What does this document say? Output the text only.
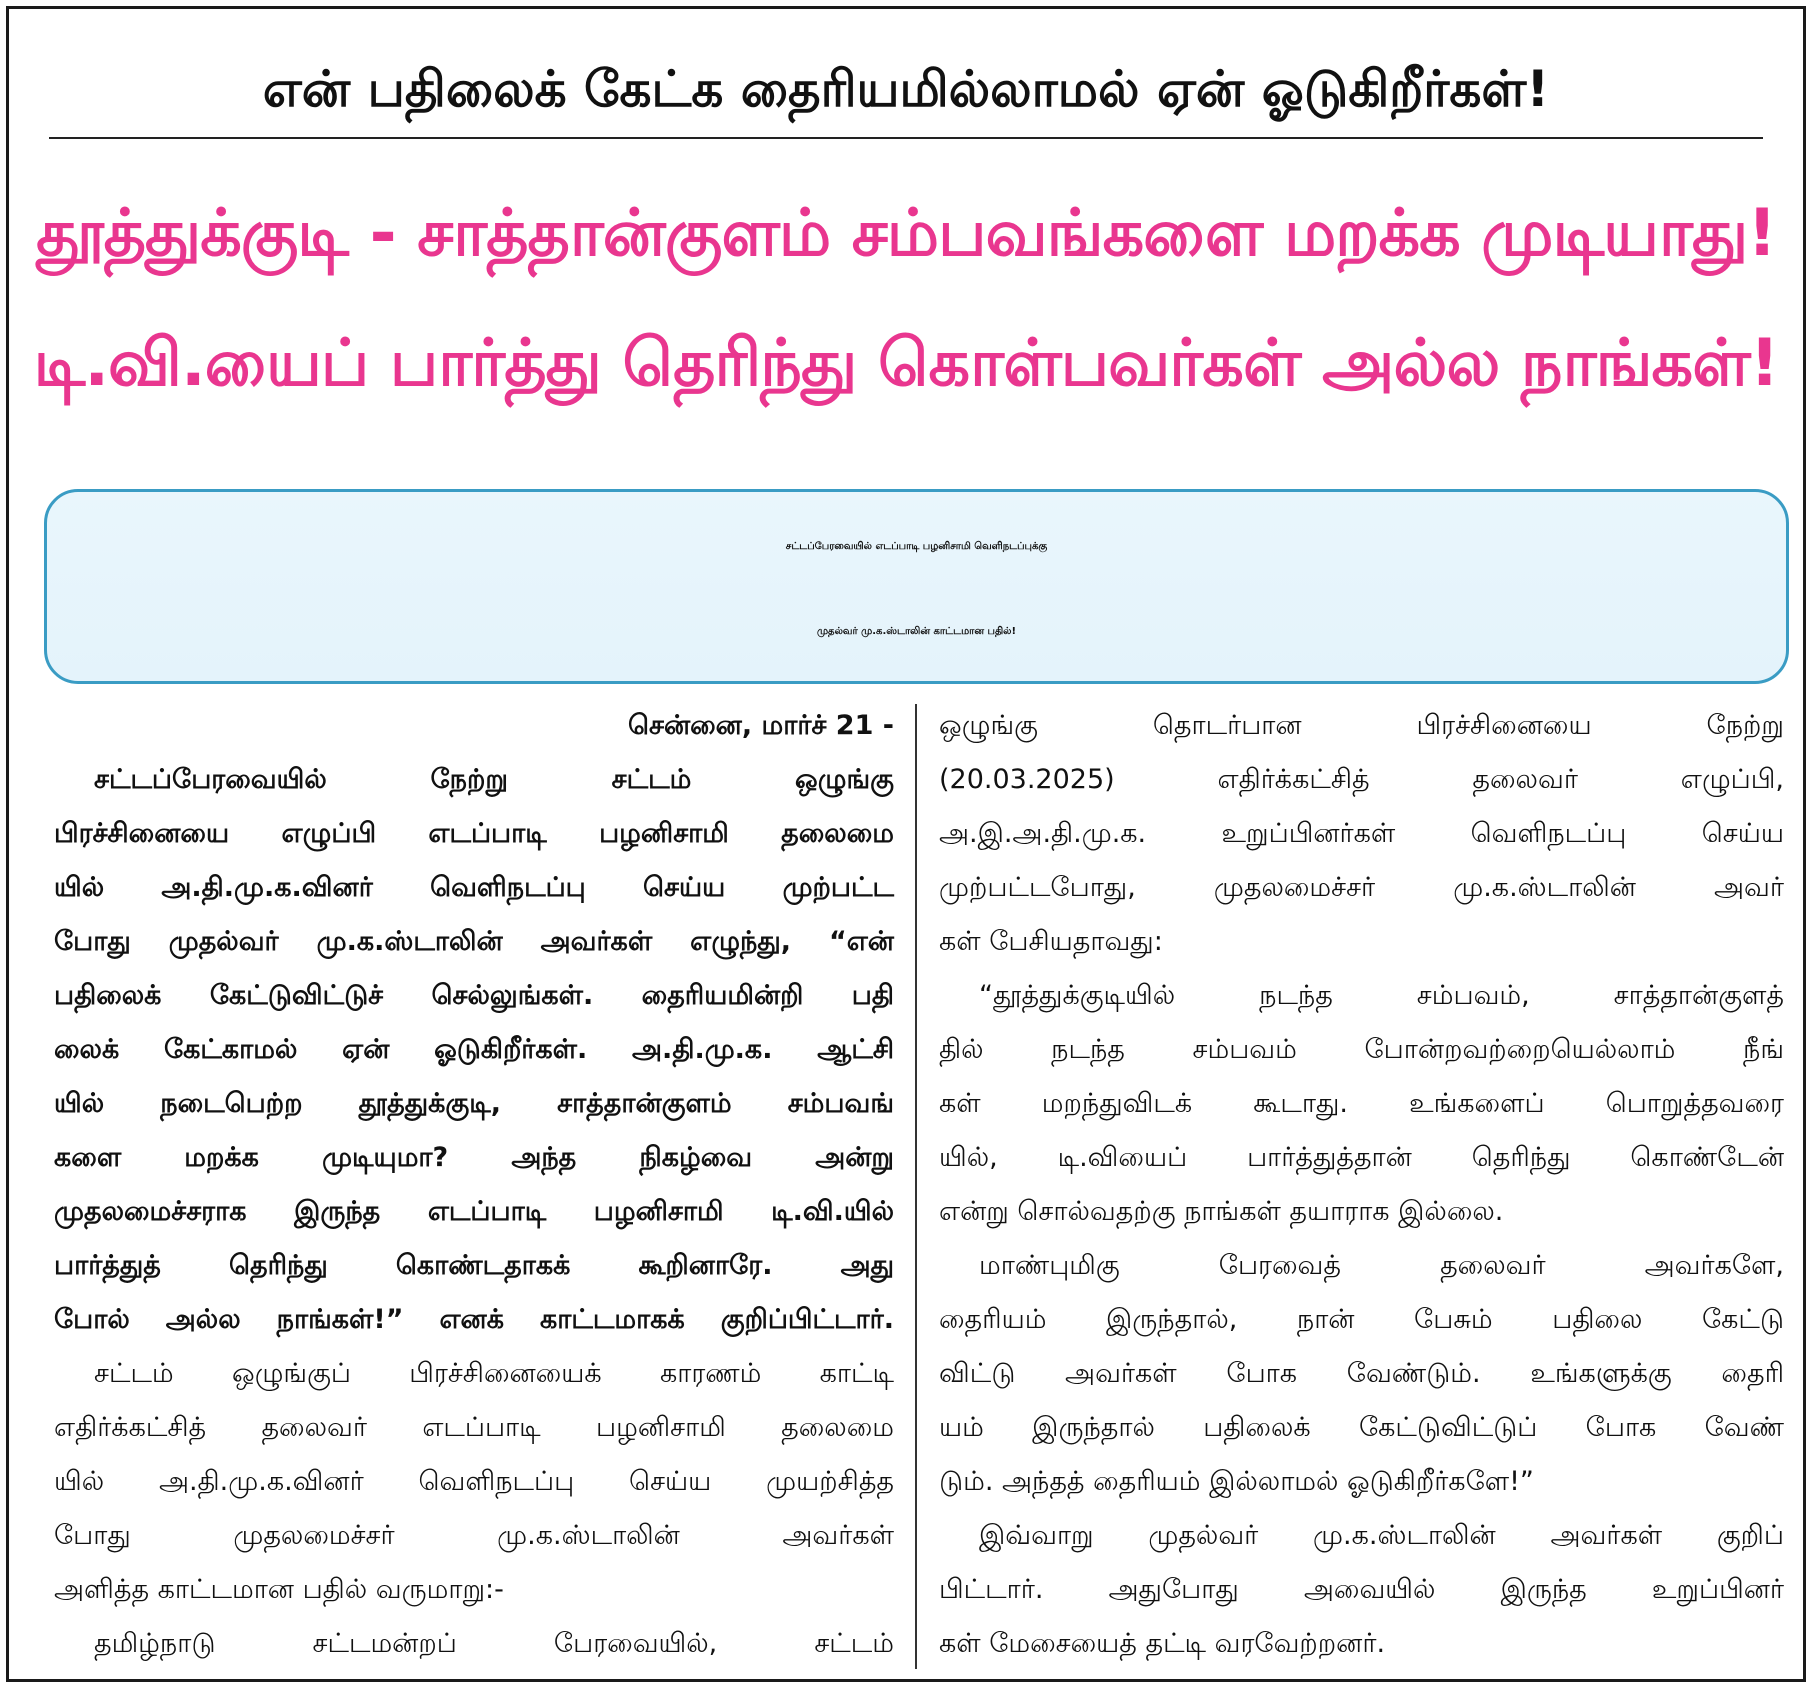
என் பதிலைக் கேட்க தைரியமில்லாமல் ஏன் ஓடுகிறீர்கள்!
தூத்துக்குடி - சாத்தான்குளம் சம்பவங்களை மறக்க முடியாது!
டி.வி.யைப் பார்த்து தெரிந்து கொள்பவர்கள் அல்ல நாங்கள்!
சட்டப்பேரவையில் எடப்பாடி பழனிசாமி வெளிநடப்புக்கு
முதல்வர் மு.க.ஸ்டாலின் காட்டமான பதில்!
சென்னை, மார்ச் 21 -
சட்டப்பேரவையில் நேற்று சட்டம் ஒழுங்கு
பிரச்சினையை எழுப்பி எடப்பாடி பழனிசாமி தலைமை
யில் அ.தி.மு.க.வினர் வெளிநடப்பு செய்ய முற்பட்ட
போது முதல்வர் மு.க.ஸ்டாலின் அவர்கள் எழுந்து, “என்
பதிலைக் கேட்டுவிட்டுச் செல்லுங்கள். தைரியமின்றி பதி
லைக் கேட்காமல் ஏன் ஓடுகிறீர்கள். அ.தி.மு.க. ஆட்சி
யில் நடைபெற்ற தூத்துக்குடி, சாத்தான்குளம் சம்பவங்
களை மறக்க முடியுமா? அந்த நிகழ்வை அன்று
முதலமைச்சராக இருந்த எடப்பாடி பழனிசாமி டி.வி.யில்
பார்த்துத் தெரிந்து கொண்டதாகக் கூறினாரே. அது
போல் அல்ல நாங்கள்!” எனக் காட்டமாகக் குறிப்பிட்டார்.
சட்டம் ஒழுங்குப் பிரச்சினையைக் காரணம் காட்டி
எதிர்க்கட்சித் தலைவர் எடப்பாடி பழனிசாமி தலைமை
யில் அ.தி.மு.க.வினர் வெளிநடப்பு செய்ய முயற்சித்த
போது முதலமைச்சர் மு.க.ஸ்டாலின் அவர்கள்
அளித்த காட்டமான பதில் வருமாறு:-
தமிழ்நாடு சட்டமன்றப் பேரவையில், சட்டம்
ஒழுங்கு தொடர்பான பிரச்சினையை நேற்று
(20.03.2025) எதிர்க்கட்சித் தலைவர் எழுப்பி,
அ.இ.அ.தி.மு.க. உறுப்பினர்கள் வெளிநடப்பு செய்ய
முற்பட்டபோது, முதலமைச்சர் மு.க.ஸ்டாலின் அவர்
கள் பேசியதாவது:
“தூத்துக்குடியில் நடந்த சம்பவம், சாத்தான்குளத்
தில் நடந்த சம்பவம் போன்றவற்றையெல்லாம் நீங்
கள் மறந்துவிடக் கூடாது. உங்களைப் பொறுத்தவரை
யில், டி.வியைப் பார்த்துத்தான் தெரிந்து கொண்டேன்
என்று சொல்வதற்கு நாங்கள் தயாராக இல்லை.
மாண்புமிகு பேரவைத் தலைவர் அவர்களே,
தைரியம் இருந்தால், நான் பேசும் பதிலை கேட்டு
விட்டு அவர்கள் போக வேண்டும். உங்களுக்கு தைரி
யம் இருந்தால் பதிலைக் கேட்டுவிட்டுப் போக வேண்
டும். அந்தத் தைரியம் இல்லாமல் ஓடுகிறீர்களே!”
இவ்வாறு முதல்வர் மு.க.ஸ்டாலின் அவர்கள் குறிப்
பிட்டார். அதுபோது அவையில் இருந்த உறுப்பினர்
கள் மேசையைத் தட்டி வரவேற்றனர்.
